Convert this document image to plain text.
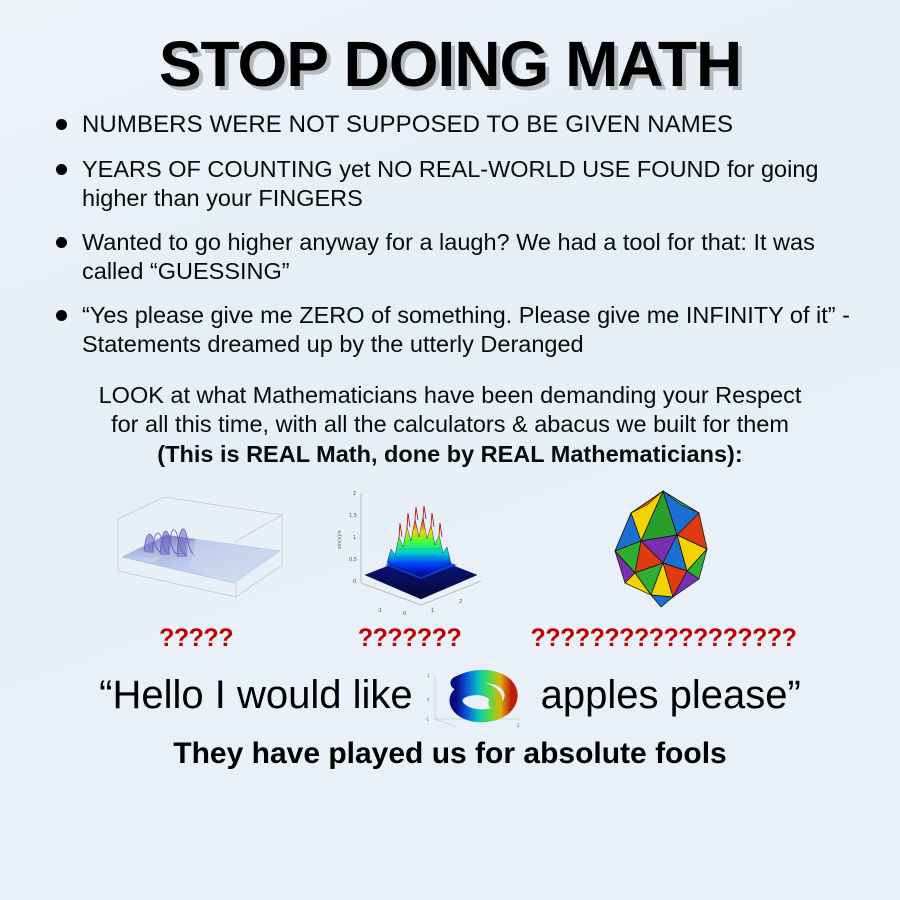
STOP DOING MATH
NUMBERS WERE NOT SUPPOSED TO BE GIVEN NAMES
YEARS OF COUNTING yet NO REAL-WORLD USE FOUND for going higher than your FINGERS
Wanted to go higher anyway for a laugh? We had a tool for that: It was called “GUESSING”
“Yes please give me ZERO of something. Please give me INFINITY of it” - Statements dreamed up by the utterly Deranged
LOOK at what Mathematicians have been demanding your Respect
for all this time, with all the calculators & abacus we built for them
(This is REAL Math, done by REAL Mathematicians):
?????
2
1.5
1
0.5
0
-1	0	1
2
sin(x)/x
???????	??????????????????
“Hello I would like	1
0
-1
2
apples please”
They have played us for absolute fools
